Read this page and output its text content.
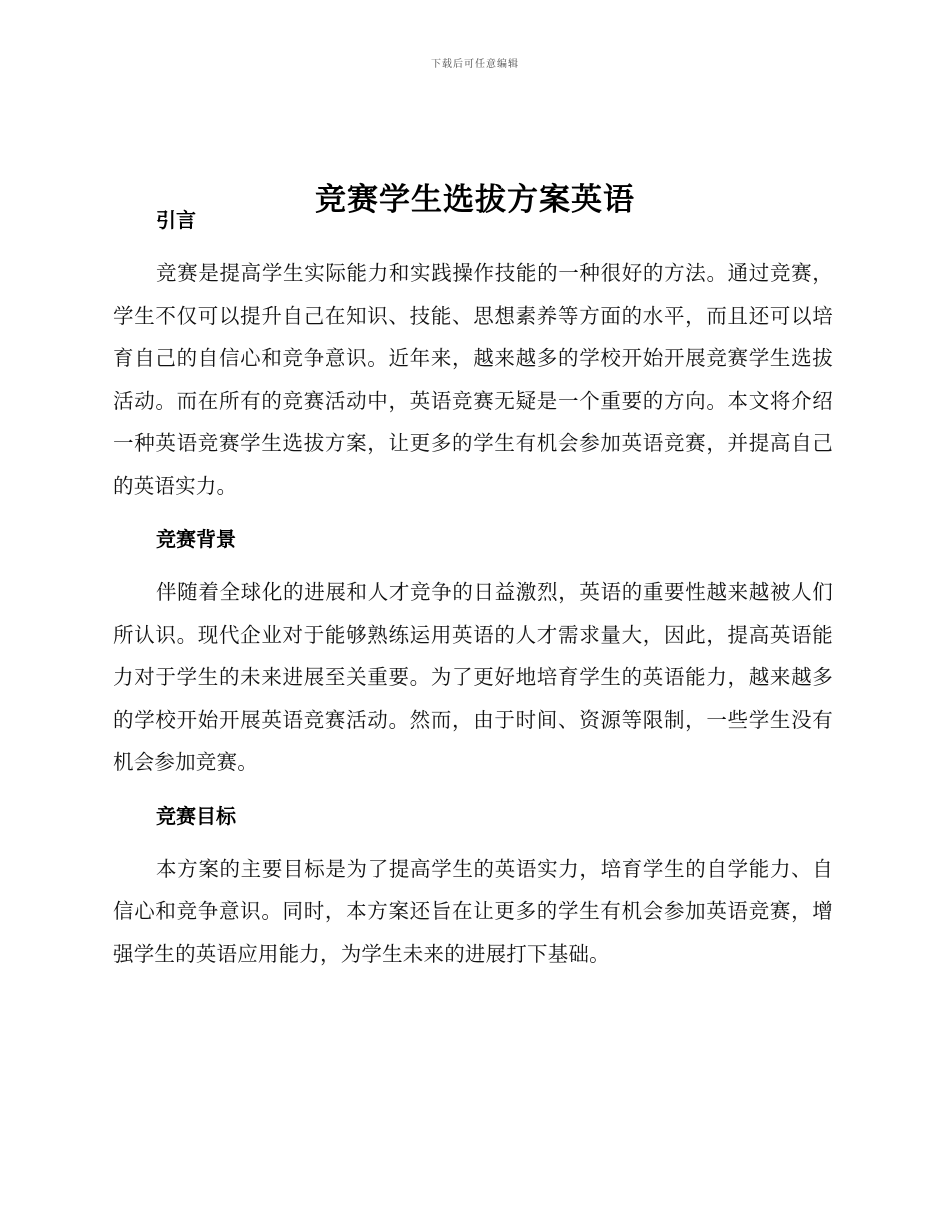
下载后可任意编辑
竞赛学生选拔方案英语
引言

竞赛是提高学生实际能力和实践操作技能的一种很好的方法。通过竞赛，学生不仅可以提升自己在知识、技能、思想素养等方面的水平，而且还可以培育自己的自信心和竞争意识。近年来，越来越多的学校开始开展竞赛学生选拔活动。而在所有的竞赛活动中，英语竞赛无疑是一个重要的方向。本文将介绍一种英语竞赛学生选拔方案，让更多的学生有机会参加英语竞赛，并提高自己的英语实力。

竞赛背景

伴随着全球化的进展和人才竞争的日益激烈，英语的重要性越来越被人们所认识。现代企业对于能够熟练运用英语的人才需求量大，因此，提高英语能力对于学生的未来进展至关重要。为了更好地培育学生的英语能力，越来越多的学校开始开展英语竞赛活动。然而，由于时间、资源等限制，一些学生没有机会参加竞赛。

竞赛目标

本方案的主要目标是为了提高学生的英语实力，培育学生的自学能力、自信心和竞争意识。同时，本方案还旨在让更多的学生有机会参加英语竞赛，增强学生的英语应用能力，为学生未来的进展打下基础。
